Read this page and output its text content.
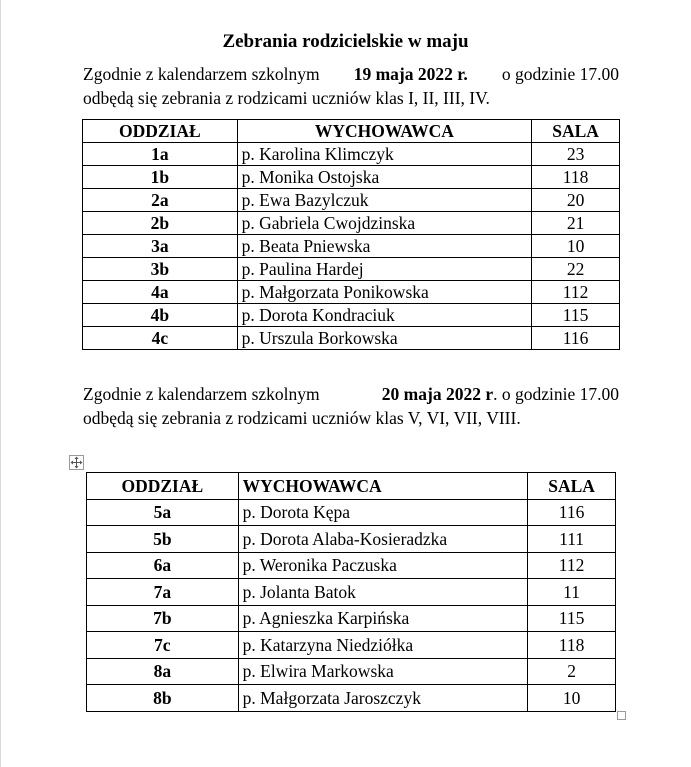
Zebrania rodzicielskie w maju

Zgodnie z kalendarzem szkolnym 19 maja 2022 r. o godzinie 17.00
odbędą się zebrania z rodzicami uczniów klas I, II, III, IV.

ODDZIAŁ	WYCHOWAWCA	SALA
1a	p. Karolina Klimczyk	23
1b	p. Monika Ostojska	118
2a	p. Ewa Bazylczuk	20
2b	p. Gabriela Cwojdzinska	21
3a	p. Beata Pniewska	10
3b	p. Paulina Hardej	22
4a	p. Małgorzata Ponikowska	112
4b	p. Dorota Kondraciuk	115
4c	p. Urszula Borkowska	116

Zgodnie z kalendarzem szkolnym	20 maja 2022 r. o godzinie 17.00
odbędą się zebrania z rodzicami uczniów klas V, VI, VII, VIII.

ODDZIAŁ	WYCHOWAWCA	SALA
5a	p. Dorota Kępa	116
5b	p. Dorota Alaba-Kosieradzka	111
6a	p. Weronika Paczuska	112
7a	p. Jolanta Batok	11
7b	p. Agnieszka Karpińska	115
7c	p. Katarzyna Niedziółka	118
8a	p. Elwira Markowska	2
8b	p. Małgorzata Jaroszczyk	10
